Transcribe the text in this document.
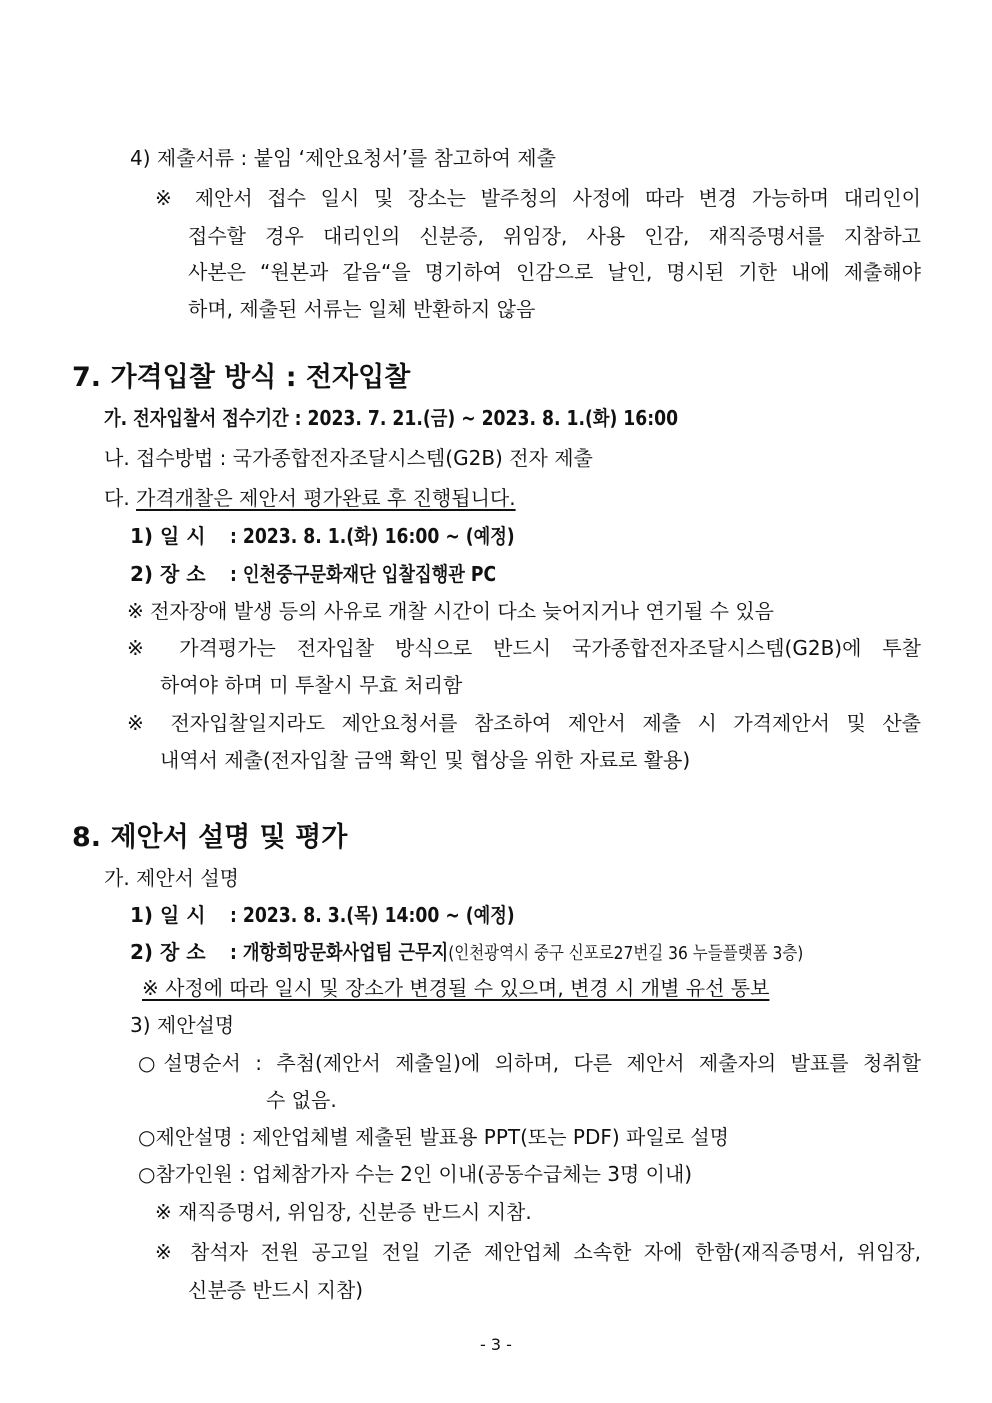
4) 제출서류 : 붙임 ‘제안요청서’를 참고하여 제출
※ 제안서 접수 일시 및 장소는 발주청의 사정에 따라 변경 가능하며 대리인이
접수할 경우 대리인의 신분증, 위임장, 사용 인감, 재직증명서를 지참하고
사본은 “원본과 같음“을 명기하여 인감으로 날인, 명시된 기한 내에 제출해야
하며, 제출된 서류는 일체 반환하지 않음
7. 가격입찰 방식 : 전자입찰
가. 전자입찰서 접수기간 : 2023. 7. 21.(금) ~ 2023. 8. 1.(화) 16:00
나. 접수방법 : 국가종합전자조달시스템(G2B) 전자 제출
다. 가격개찰은 제안서 평가완료 후 진행됩니다.
1) 일 시 : 2023. 8. 1.(화) 16:00 ~ (예정)
2) 장 소 : 인천중구문화재단 입찰집행관 PC
※ 전자장애 발생 등의 사유로 개찰 시간이 다소 늦어지거나 연기될 수 있음
※ 가격평가는 전자입찰 방식으로 반드시 국가종합전자조달시스템(G2B)에 투찰
하여야 하며 미 투찰시 무효 처리함
※ 전자입찰일지라도 제안요청서를 참조하여 제안서 제출 시 가격제안서 및 산출
내역서 제출(전자입찰 금액 확인 및 협상을 위한 자료로 활용)
8. 제안서 설명 및 평가
가. 제안서 설명
1) 일 시 : 2023. 8. 3.(목) 14:00 ~ (예정)
2) 장 소 : 개항희망문화사업팀 근무지(인천광역시 중구 신포로27번길 36 누들플랫폼 3층)
※ 사정에 따라 일시 및 장소가 변경될 수 있으며, 변경 시 개별 유선 통보
3) 제안설명
○설명순서 : 추첨(제안서 제출일)에 의하며, 다른 제안서 제출자의 발표를 청취할
수 없음.
○제안설명 : 제안업체별 제출된 발표용 PPT(또는 PDF) 파일로 설명
○참가인원 : 업체참가자 수는 2인 이내(공동수급체는 3명 이내)
※ 재직증명서, 위임장, 신분증 반드시 지참.
※ 참석자 전원 공고일 전일 기준 제안업체 소속한 자에 한함(재직증명서, 위임장,
신분증 반드시 지참)
- 3 -
